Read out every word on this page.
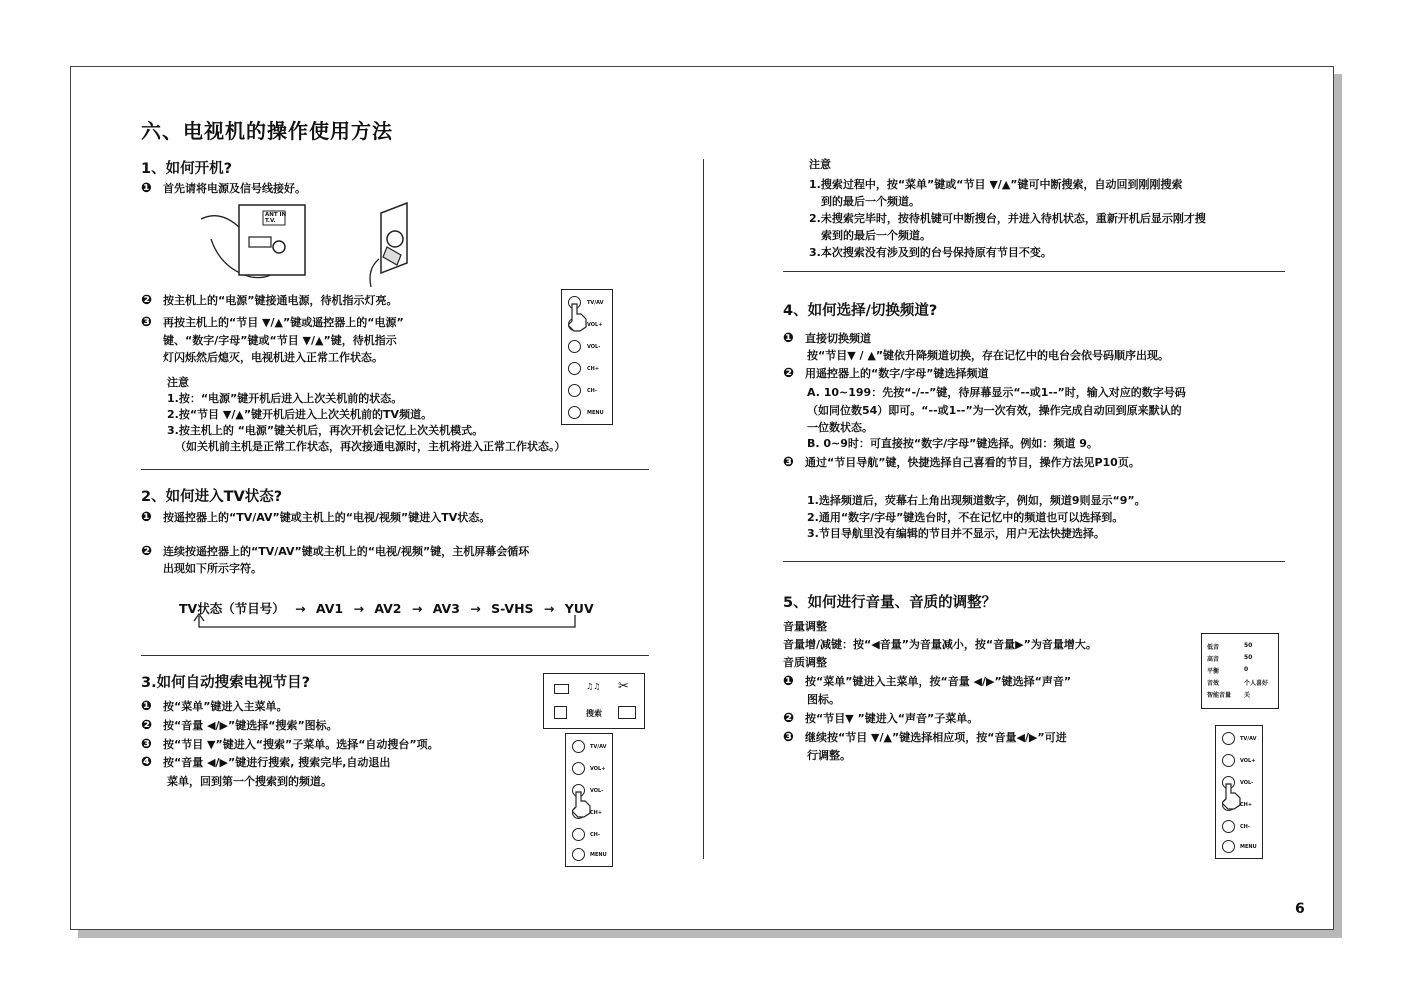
六、电视机的操作使用方法
1、如何开机?
❶ 首先请将电源及信号线接好。
ANT IN
T.V.
❷ 按主机上的“电源”键接通电源，待机指示灯亮。
❸ 再按主机上的“节目 ▼/▲”键或遥控器上的“电源”
键、“数字/字母”键或“节目 ▼/▲”键，待机指示
灯闪烁然后熄灭，电视机进入正常工作状态。
注意
1.按：“电源”键开机后进入上次关机前的状态。
2.按“节目 ▼/▲”键开机后进入上次关机前的TV频道。
3.按主机上的 “电源”键关机后，再次开机会记忆上次关机模式。
（如关机前主机是正常工作状态，再次接通电源时，主机将进入正常工作状态。）
TV/AV
VOL+
VOL-
CH+
CH-
MENU
2、如何进入TV状态?
❶ 按遥控器上的“TV/AV”键或主机上的“电视/视频”键进入TV状态。
❷ 连续按遥控器上的“TV/AV”键或主机上的“电视/视频”键，主机屏幕会循环
出现如下所示字符。
TV状态（节目号） → AV1 → AV2 → AV3 → S-VHS → YUV
3.如何自动搜索电视节目?
❶ 按“菜单”键进入主菜单。
❷ 按“音量 ◀/▶”键选择“搜索”图标。
❸ 按“节目 ▼”键进入“搜索”子菜单。选择“自动搜台”项。
❹ 按“音量 ◀/▶”键进行搜索, 搜索完毕,自动退出
菜单，回到第一个搜索到的频道。
♫♫ ✂
搜索
TV/AV
VOL+
VOL-
CH+
CH-
MENU
注意
1.搜索过程中，按“菜单”键或“节目 ▼/▲”键可中断搜索，自动回到刚刚搜索
到的最后一个频道。
2.未搜索完毕时，按待机键可中断搜台，并进入待机状态，重新开机后显示刚才搜
索到的最后一个频道。
3.本次搜索没有涉及到的台号保持原有节目不变。
4、如何选择/切换频道?
❶ 直接切换频道
按“节目▼ / ▲”键依升降频道切换，存在记忆中的电台会依号码顺序出现。
❷ 用遥控器上的“数字/字母”键选择频道
A. 10~199：先按“-/--”键，待屏幕显示“--或1--”时，输入对应的数字号码
（如同位数54）即可。“--或1--”为一次有效，操作完成自动回到原来默认的
一位数状态。
B. 0~9时：可直接按“数字/字母”键选择。例如：频道 9。
❸ 通过“节目导航”键，快捷选择自己喜看的节目，操作方法见P10页。
1.选择频道后，荧幕右上角出现频道数字，例如，频道9则显示“9”。
2.通用“数字/字母”键选台时，不在记忆中的频道也可以选择到。
3.节目导航里没有编辑的节目并不显示，用户无法快捷选择。
5、如何进行音量、音质的调整？
音量调整
音量增/减键：按“◀音量”为音量减小，按“音量▶”为音量增大。
音质调整
❶ 按“菜单”键进入主菜单，按“音量 ◀/▶”键选择“声音”
图标。
❷ 按“节目▼ ”键进入“声音”子菜单。
❸ 继续按“节目 ▼/▲”键选择相应项，按“音量◀/▶”可进
行调整。
低音	50
高音	50
平衡	0
音效	个人喜好
智能音量 关
TV/AV
VOL+
VOL-
CH+
CH-
MENU
6
